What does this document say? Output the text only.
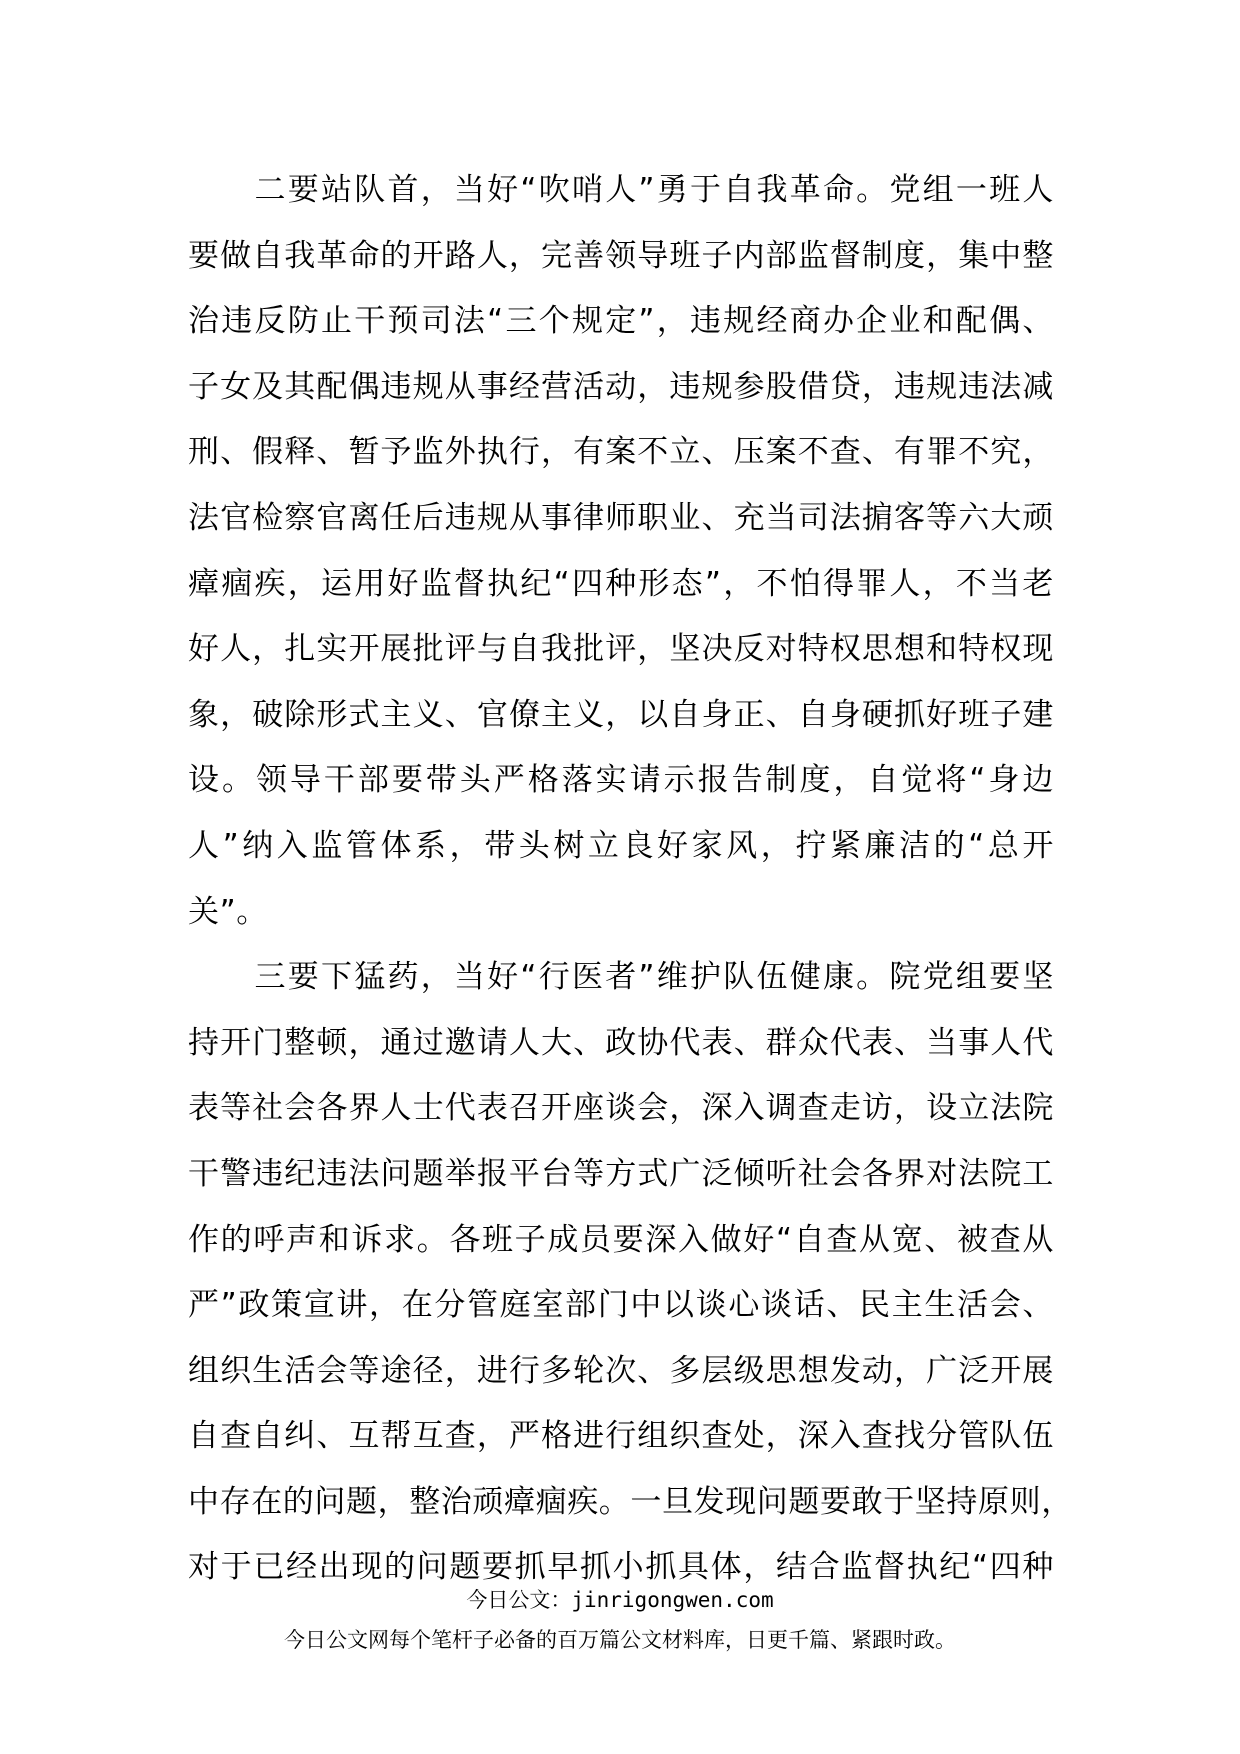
　　二要站队首，当好“吹哨人”勇于自我革命。党组一班人
要做自我革命的开路人，完善领导班子内部监督制度，集中整
治违反防止干预司法“三个规定”，违规经商办企业和配偶、
子女及其配偶违规从事经营活动，违规参股借贷，违规违法减
刑、假释、暂予监外执行，有案不立、压案不查、有罪不究，
法官检察官离任后违规从事律师职业、充当司法掮客等六大顽
瘴痼疾，运用好监督执纪“四种形态”，不怕得罪人，不当老
好人，扎实开展批评与自我批评，坚决反对特权思想和特权现
象，破除形式主义、官僚主义，以自身正、自身硬抓好班子建
设。领导干部要带头严格落实请示报告制度，自觉将“身边
人”纳入监管体系，带头树立良好家风，拧紧廉洁的“总开
关”。
　　三要下猛药，当好“行医者”维护队伍健康。院党组要坚
持开门整顿，通过邀请人大、政协代表、群众代表、当事人代
表等社会各界人士代表召开座谈会，深入调查走访，设立法院
干警违纪违法问题举报平台等方式广泛倾听社会各界对法院工
作的呼声和诉求。各班子成员要深入做好“自查从宽、被查从
严”政策宣讲，在分管庭室部门中以谈心谈话、民主生活会、
组织生活会等途径，进行多轮次、多层级思想发动，广泛开展
自查自纠、互帮互查，严格进行组织查处，深入查找分管队伍
中存在的问题，整治顽瘴痼疾。一旦发现问题要敢于坚持原则，
对于已经出现的问题要抓早抓小抓具体，结合监督执纪“四种
今日公文：jinrigongwen.com
今日公文网每个笔杆子必备的百万篇公文材料库，日更千篇、紧跟时政。
